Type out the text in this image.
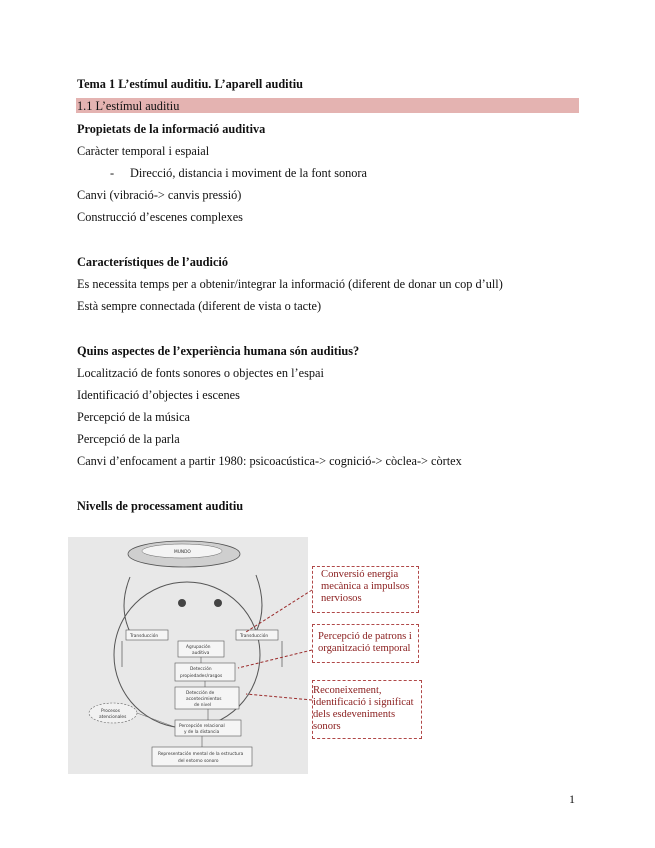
Tema 1 L’estímul auditiu. L’aparell auditiu
1.1 L’estímul auditiu
Propietats de la informació auditiva
Caràcter temporal i espaial
- Direcció, distancia i moviment de la font sonora
Canvi (vibració-> canvis pressió)
Construcció d’escenes complexes
Característiques de l’audició
Es necessita temps per a obtenir/integrar la informació (diferent de donar un cop d’ull)
Està sempre connectada (diferent de vista o tacte)
Quins aspectes de l’experiència humana són auditius?
Localització de fonts sonores o objectes en l’espai
Identificació d’objectes i escenes
Percepció de la música
Percepció de la parla
Canvi d’enfocament a partir 1980: psicoacústica-> cognició-> còclea-> còrtex
Nivells de processament auditiu
MUNDO
Transducción	Transducción
Agrupación
auditiva
Detección
propiedades/rasgos
Detección de
acontecimientos
de nivel
Procesos
atencionales
Percepción relacional
y de la distancia
Representación mental de la estructura
del entorno sonoro
Conversió energia
mecànica a impulsos
nerviosos
Percepció de patrons i
organització temporal
Reconeixement,
identificació i significat
dels esdeveniments
sonors
1
